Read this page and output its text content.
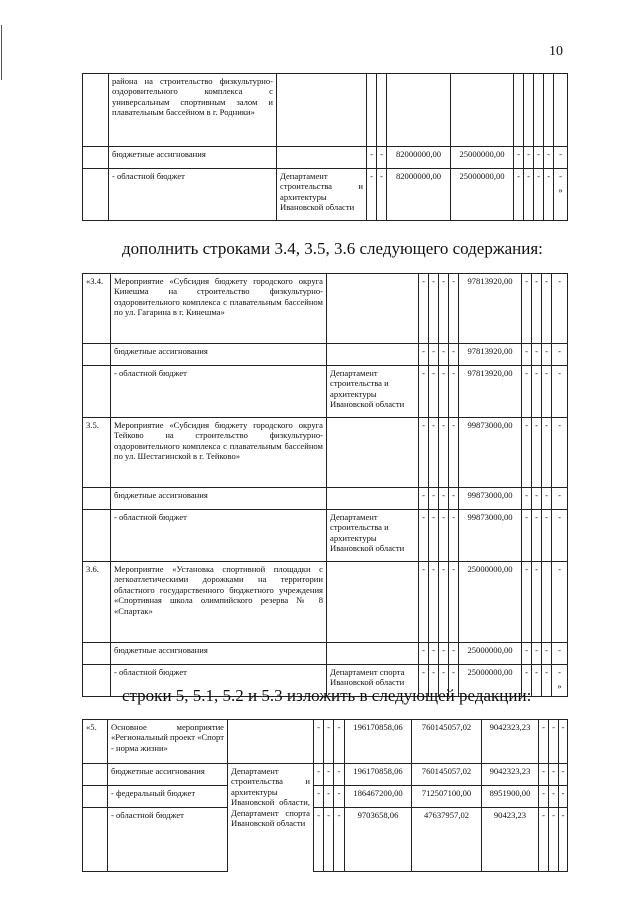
10
	района на строительство физкультурно-оздоровительного комплекса с универсальным спортивным залом и плавательным бассейном в г. Родники»										
	бюджетные ассигнования		-	-	82000000,00	25000000,00	-	-	-	-	-
	- областной бюджет	Департамент строительства и архитектуры Ивановской области	-	-	82000000,00	25000000,00	-	-	-	-	-
»
дополнить строками 3.4, 3.5, 3.6 следующего содержания:
«3.4.	Мероприятие «Субсидия бюджету городского округа Кинешма на строительство физкультурно-оздоровительного комплекса с плавательным бассейном по ул. Гагарина в г. Кинешма»		-	-	-	-	97813920,00	-	-	-	-
	бюджетные ассигнования		-	-	-	-	97813920,00	-	-	-	-
	- областной бюджет	Департамент строительства и архитектуры Ивановской области	-	-	-	-	97813920,00	-	-	-	-
3.5.	Мероприятие «Субсидия бюджету городского округа Тейково на строительство физкультурно-оздоровительного комплекса с плавательным бассейном по ул. Шестагинской в г. Тейково»		-	-	-	-	99873000,00	-	-	-	-
	бюджетные ассигнования		-	-	-	-	99873000,00	-	-	-	-
	- областной бюджет	Департамент строительства и архитектуры Ивановской области	-	-	-	-	99873000,00	-	-	-	-
3.6.	Мероприятие «Установка спортивной площадки с легкоатлетическими дорожками на территории областного государственного бюджетного учреждения «Спортивная школа олимпийского резерва № 8 «Спартак»		-	-	-	-	25000000,00	-	-		-
	бюджетные ассигнования		-	-	-	-	25000000,00	-	-	-	-
	- областной бюджет	Департамент спорта Ивановской области	-	-	-	-	25000000,00	-	-	-	-
»
строки 5, 5.1, 5.2 и 5.3 изложить в следующей редакции:
«5.	Основное мероприятие «Региональный проект «Спорт - норма жизни»		-	-	-	196170858,06	760145057,02	9042323,23	-	-	-
	бюджетные ассигнования	Департамент строительства и архитектуры Ивановской области, Департамент спорта Ивановской области	-	-	-	196170858,06	760145057,02	9042323,23	-	-	-
	- федеральный бюджет		-	-	-	186467200,00	712507100,00	8951900,00	-	-	-
	- областной бюджет		-	-	-	9703658,06	47637957,02	90423,23	-	-	-
